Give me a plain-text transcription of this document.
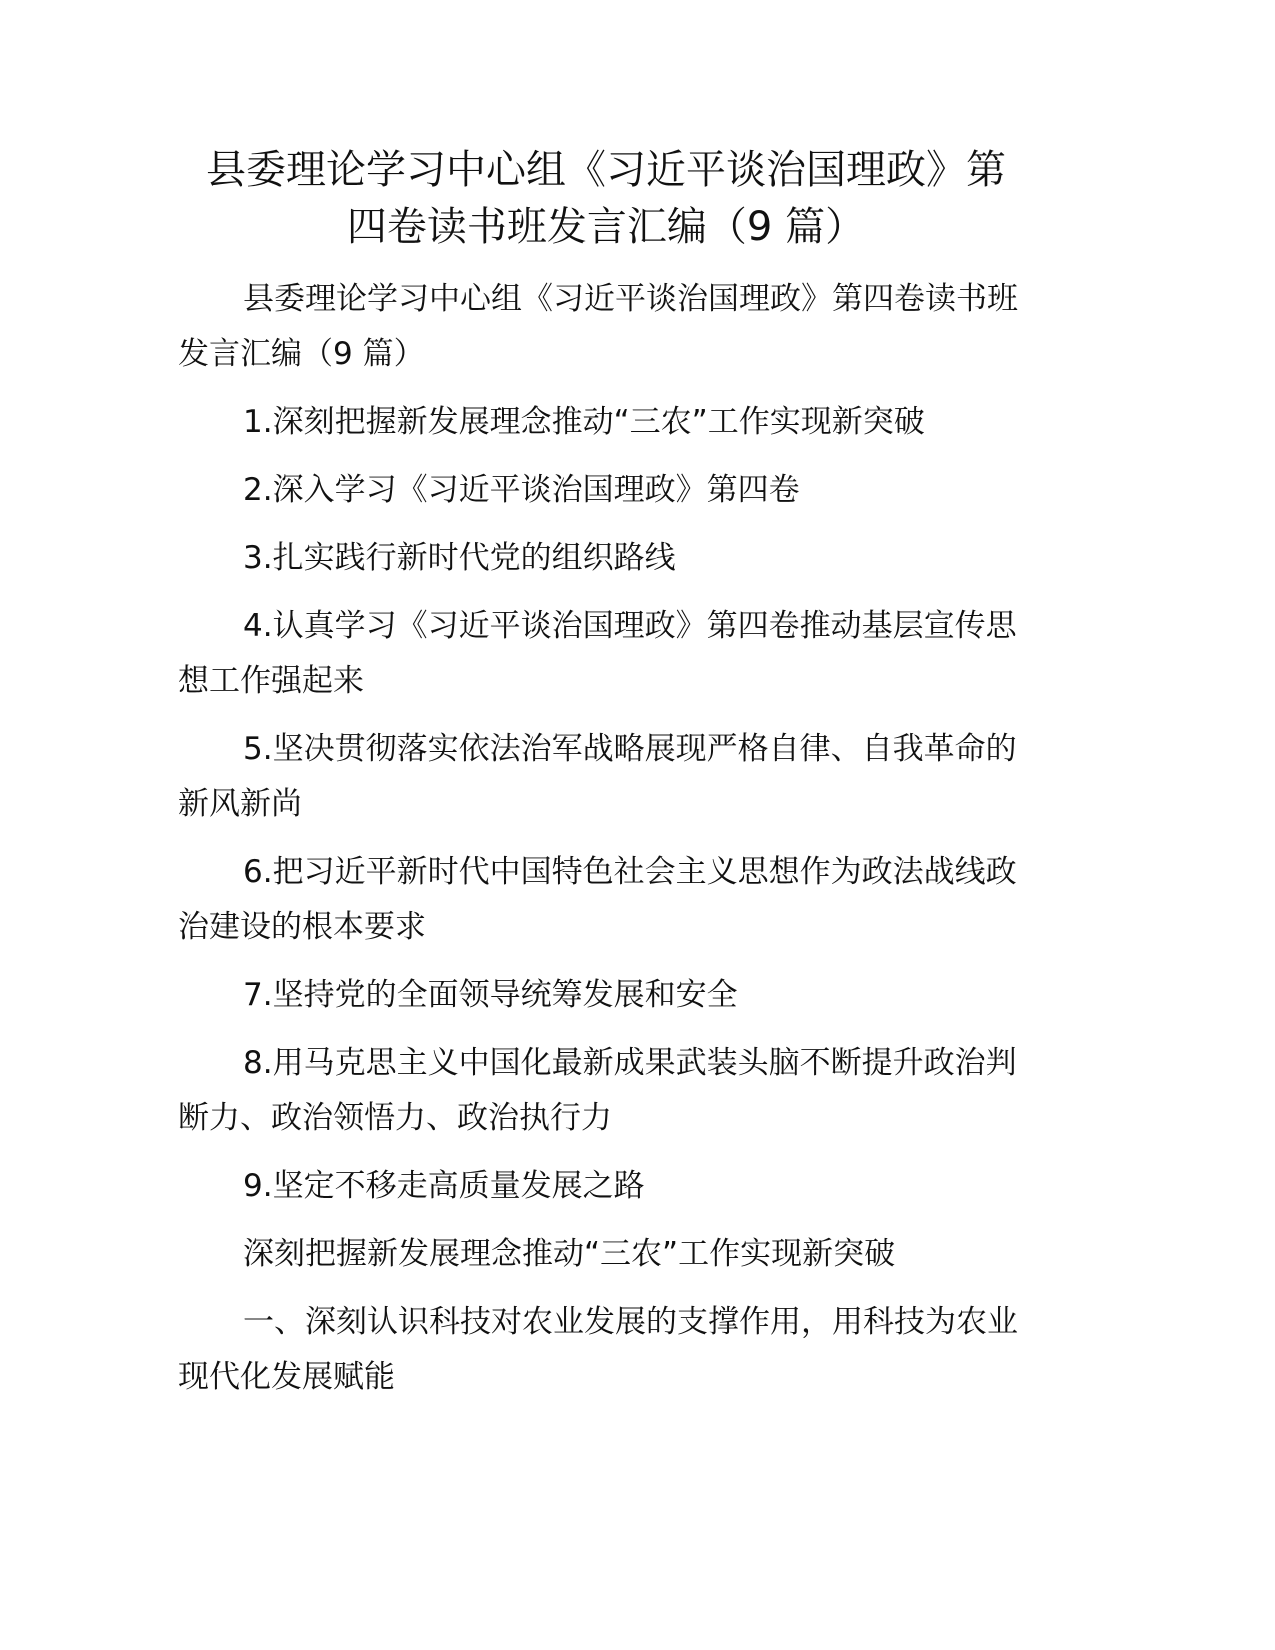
县委理论学习中心组《习近平谈治国理政》第
四卷读书班发言汇编（9 篇）
县委理论学习中心组《习近平谈治国理政》第四卷读书班
发言汇编（9 篇）
1.深刻把握新发展理念推动“三农”工作实现新突破
2.深入学习《习近平谈治国理政》第四卷
3.扎实践行新时代党的组织路线
4.认真学习《习近平谈治国理政》第四卷推动基层宣传思
想工作强起来
5.坚决贯彻落实依法治军战略展现严格自律、自我革命的
新风新尚
6.把习近平新时代中国特色社会主义思想作为政法战线政
治建设的根本要求
7.坚持党的全面领导统筹发展和安全
8.用马克思主义中国化最新成果武装头脑不断提升政治判
断力、政治领悟力、政治执行力
9.坚定不移走高质量发展之路
深刻把握新发展理念推动“三农”工作实现新突破
一、深刻认识科技对农业发展的支撑作用，用科技为农业
现代化发展赋能
